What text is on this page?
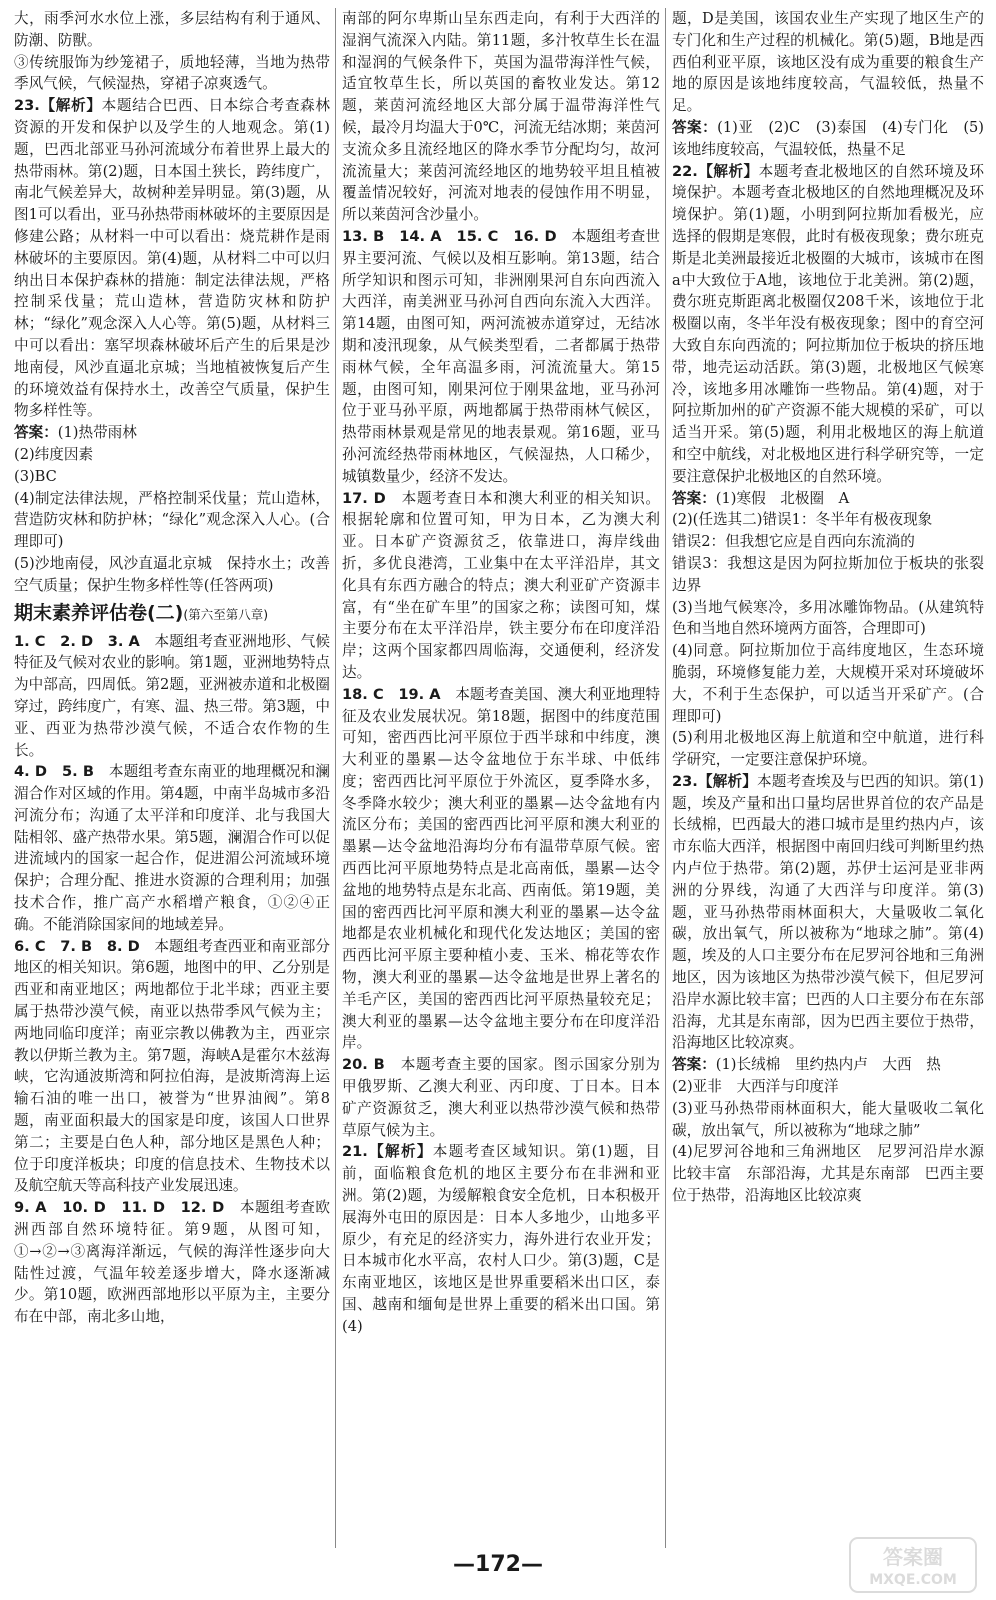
大，雨季河水水位上涨，多层结构有利于通风、防潮、防獸。
③传统服饰为纱笼裙子，质地轻薄，当地为热带季风气候，气候湿热，穿裙子凉爽透气。
23.【解析】本题结合巴西、日本综合考查森林资源的开发和保护以及学生的人地观念。第(1)题，巴西北部亚马孙河流域分布着世界上最大的热带雨林。第(2)题，日本国土狭长，跨纬度广，南北气候差异大，故树种差异明显。第(3)题，从图1可以看出，亚马孙热带雨林破坏的主要原因是修建公路；从材料一中可以看出：烧荒耕作是雨林破坏的主要原因。第(4)题，从材料二中可以归纳出日本保护森林的措施：制定法律法规，严格控制采伐量；荒山造林，营造防灾林和防护林；“绿化”观念深入人心等。第(5)题，从材料三中可以看出：塞罕坝森林破坏后产生的后果是沙地南侵，风沙直逼北京城；当地植被恢复后产生的环境效益有保持水土，改善空气质量，保护生物多样性等。
答案：(1)热带雨林
(2)纬度因素
(3)BC
(4)制定法律法规，严格控制采伐量；荒山造林，营造防灾林和防护林；“绿化”观念深入人心。(合理即可)
(5)沙地南侵，风沙直逼北京城　保持水土；改善空气质量；保护生物多样性等(任答两项)
期末素养评估卷(二)(第六至第八章)
1. C　2. D　3. A　本题组考查亚洲地形、气候特征及气候对农业的影响。第1题，亚洲地势特点为中部高，四周低。第2题，亚洲被赤道和北极圈穿过，跨纬度广，有寒、温、热三带。第3题，中亚、西亚为热带沙漠气候，不适合农作物的生长。
4. D　5. B　本题组考查东南亚的地理概况和澜湄合作对区域的作用。第4题，中南半岛城市多沿河流分布；沟通了太平洋和印度洋、北与我国大陆相邻、盛产热带水果。第5题，澜湄合作可以促进流域内的国家一起合作，促进湄公河流域环境保护；合理分配、推进水资源的合理利用；加强技术合作，推广高产水稻增产粮食，①②④正确。不能消除国家间的地域差异。
6. C　7. B　8. D　本题组考查西亚和南亚部分地区的相关知识。第6题，地图中的甲、乙分别是西亚和南亚地区；两地都位于北半球；西亚主要属于热带沙漠气候，南亚以热带季风气候为主；两地同临印度洋；南亚宗教以佛教为主，西亚宗教以伊斯兰教为主。第7题，海峡A是霍尔木兹海峡，它沟通波斯湾和阿拉伯海，是波斯湾海上运输石油的唯一出口，被誉为“世界油阀”。第8题，南亚面积最大的国家是印度，该国人口世界第二；主要是白色人种，部分地区是黑色人种；位于印度洋板块；印度的信息技术、生物技术以及航空航天等高科技产业发展迅速。
9. A　10. D　11. D　12. D　本题组考查欧洲西部自然环境特征。第9题，从图可知，①→②→③离海洋渐远，气候的海洋性逐步向大陆性过渡，气温年较差逐步增大，降水逐渐减少。第10题，欧洲西部地形以平原为主，主要分布在中部，南北多山地，
南部的阿尔卑斯山呈东西走向，有利于大西洋的湿润气流深入内陆。第11题，多汁牧草生长在温和湿润的气候条件下，英国为温带海洋性气候，适宜牧草生长，所以英国的畜牧业发达。第12题，莱茵河流经地区大部分属于温带海洋性气候，最冷月均温大于0℃，河流无结冰期；莱茵河支流众多且流经地区的降水季节分配均匀，故河流流量大；莱茵河流经地区的地势较平坦且植被覆盖情况较好，河流对地表的侵蚀作用不明显，所以莱茵河含沙量小。
13. B　14. A　15. C　16. D　本题组考查世界主要河流、气候以及相互影响。第13题，结合所学知识和图示可知，非洲刚果河自东向西流入大西洋，南美洲亚马孙河自西向东流入大西洋。第14题，由图可知，两河流被赤道穿过，无结冰期和凌汛现象，从气候类型看，二者都属于热带雨林气候，全年高温多雨，河流流量大。第15题，由图可知，刚果河位于刚果盆地，亚马孙河位于亚马孙平原，两地都属于热带雨林气候区，热带雨林景观是常见的地表景观。第16题，亚马孙河流经热带雨林地区，气候湿热，人口稀少，城镇数量少，经济不发达。
17. D　本题考查日本和澳大利亚的相关知识。根据轮廓和位置可知，甲为日本，乙为澳大利亚。日本矿产资源贫乏，依靠进口，海岸线曲折，多优良港湾，工业集中在太平洋沿岸，其文化具有东西方融合的特点；澳大利亚矿产资源丰富，有“坐在矿车里”的国家之称；读图可知，煤主要分布在太平洋沿岸，铁主要分布在印度洋沿岸；这两个国家都四周临海，交通便利，经济发达。
18. C　19. A　本题考查美国、澳大利亚地理特征及农业发展状况。第18题，据图中的纬度范围可知，密西西比河平原位于西半球和中纬度，澳大利亚的墨累—达令盆地位于东半球、中低纬度；密西西比河平原位于外流区，夏季降水多，冬季降水较少；澳大利亚的墨累—达令盆地有内流区分布；美国的密西西比河平原和澳大利亚的墨累—达令盆地沿海均分布有温带草原气候。密西西比河平原地势特点是北高南低，墨累—达令盆地的地势特点是东北高、西南低。第19题，美国的密西西比河平原和澳大利亚的墨累—达令盆地都是农业机械化和现代化发达地区；美国的密西西比河平原主要种植小麦、玉米、棉花等农作物，澳大利亚的墨累—达令盆地是世界上著名的羊毛产区，美国的密西西比河平原热量较充足；澳大利亚的墨累—达令盆地主要分布在印度洋沿岸。
20. B　本题考查主要的国家。图示国家分别为甲俄罗斯、乙澳大利亚、丙印度、丁日本。日本矿产资源贫乏，澳大利亚以热带沙漠气候和热带草原气候为主。
21.【解析】本题考查区域知识。第(1)题，目前，面临粮食危机的地区主要分布在非洲和亚洲。第(2)题，为缓解粮食安全危机，日本积极开展海外屯田的原因是：日本人多地少，山地多平原少，有充足的经济实力，海外进行农业开发；日本城市化水平高，农村人口少。第(3)题，C是东南亚地区，该地区是世界重要稻米出口区，泰国、越南和缅甸是世界上重要的稻米出口国。第(4)
题，D是美国，该国农业生产实现了地区生产的专门化和生产过程的机械化。第(5)题，B地是西西伯利亚平原，该地区没有成为重要的粮食生产地的原因是该地纬度较高，气温较低，热量不足。
答案：(1)亚　(2)C　(3)泰国　(4)专门化　(5)该地纬度较高，气温较低，热量不足
22.【解析】本题考查北极地区的自然环境及环境保护。本题考查北极地区的自然地理概况及环境保护。第(1)题，小明到阿拉斯加看极光，应选择的假期是寒假，此时有极夜现象；费尔班克斯是北美洲最接近北极圈的大城市，该城市在图a中大致位于A地，该地位于北美洲。第(2)题，费尔班克斯距离北极圈仅208千米，该地位于北极圈以南，冬半年没有极夜现象；图中的育空河大致自东向西流的；阿拉斯加位于板块的挤压地带，地壳运动活跃。第(3)题，北极地区气候寒冷，该地多用冰雕饰一些物品。第(4)题，对于阿拉斯加州的矿产资源不能大规模的采矿，可以适当开采。第(5)题，利用北极地区的海上航道和空中航线，对北极地区进行科学研究等，一定要注意保护北极地区的自然环境。
答案：(1)寒假　北极圈　A
(2)(任选其二)错误1：冬半年有极夜现象
错误2：但我想它应是自西向东流淌的
错误3：我想这是因为阿拉斯加位于板块的张裂边界
(3)当地气候寒冷，多用冰雕饰物品。(从建筑特色和当地自然环境两方面答，合理即可)
(4)同意。阿拉斯加位于高纬度地区，生态环境脆弱，环境修复能力差，大规模开采对环境破坏大，不利于生态保护，可以适当开采矿产。(合理即可)
(5)利用北极地区海上航道和空中航道，进行科学研究，一定要注意保护环境。
23.【解析】本题考查埃及与巴西的知识。第(1)题，埃及产量和出口量均居世界首位的农产品是长绒棉，巴西最大的港口城市是里约热内卢，该市东临大西洋，根据图中南回归线可判断里约热内卢位于热带。第(2)题，苏伊士运河是亚非两洲的分界线，沟通了大西洋与印度洋。第(3)题，亚马孙热带雨林面积大，大量吸收二氧化碳，放出氧气，所以被称为“地球之肺”。第(4)题，埃及的人口主要分布在尼罗河谷地和三角洲地区，因为该地区为热带沙漠气候下，但尼罗河沿岸水源比较丰富；巴西的人口主要分布在东部沿海，尤其是东南部，因为巴西主要位于热带，沿海地区比较凉爽。
答案：(1)长绒棉　里约热内卢　大西　热
(2)亚非　大西洋与印度洋
(3)亚马孙热带雨林面积大，能大量吸收二氧化碳，放出氧气，所以被称为“地球之肺”
(4)尼罗河谷地和三角洲地区　尼罗河沿岸水源比较丰富　东部沿海，尤其是东南部　巴西主要位于热带，沿海地区比较凉爽
—172—	答案圈
MXQE.COM
